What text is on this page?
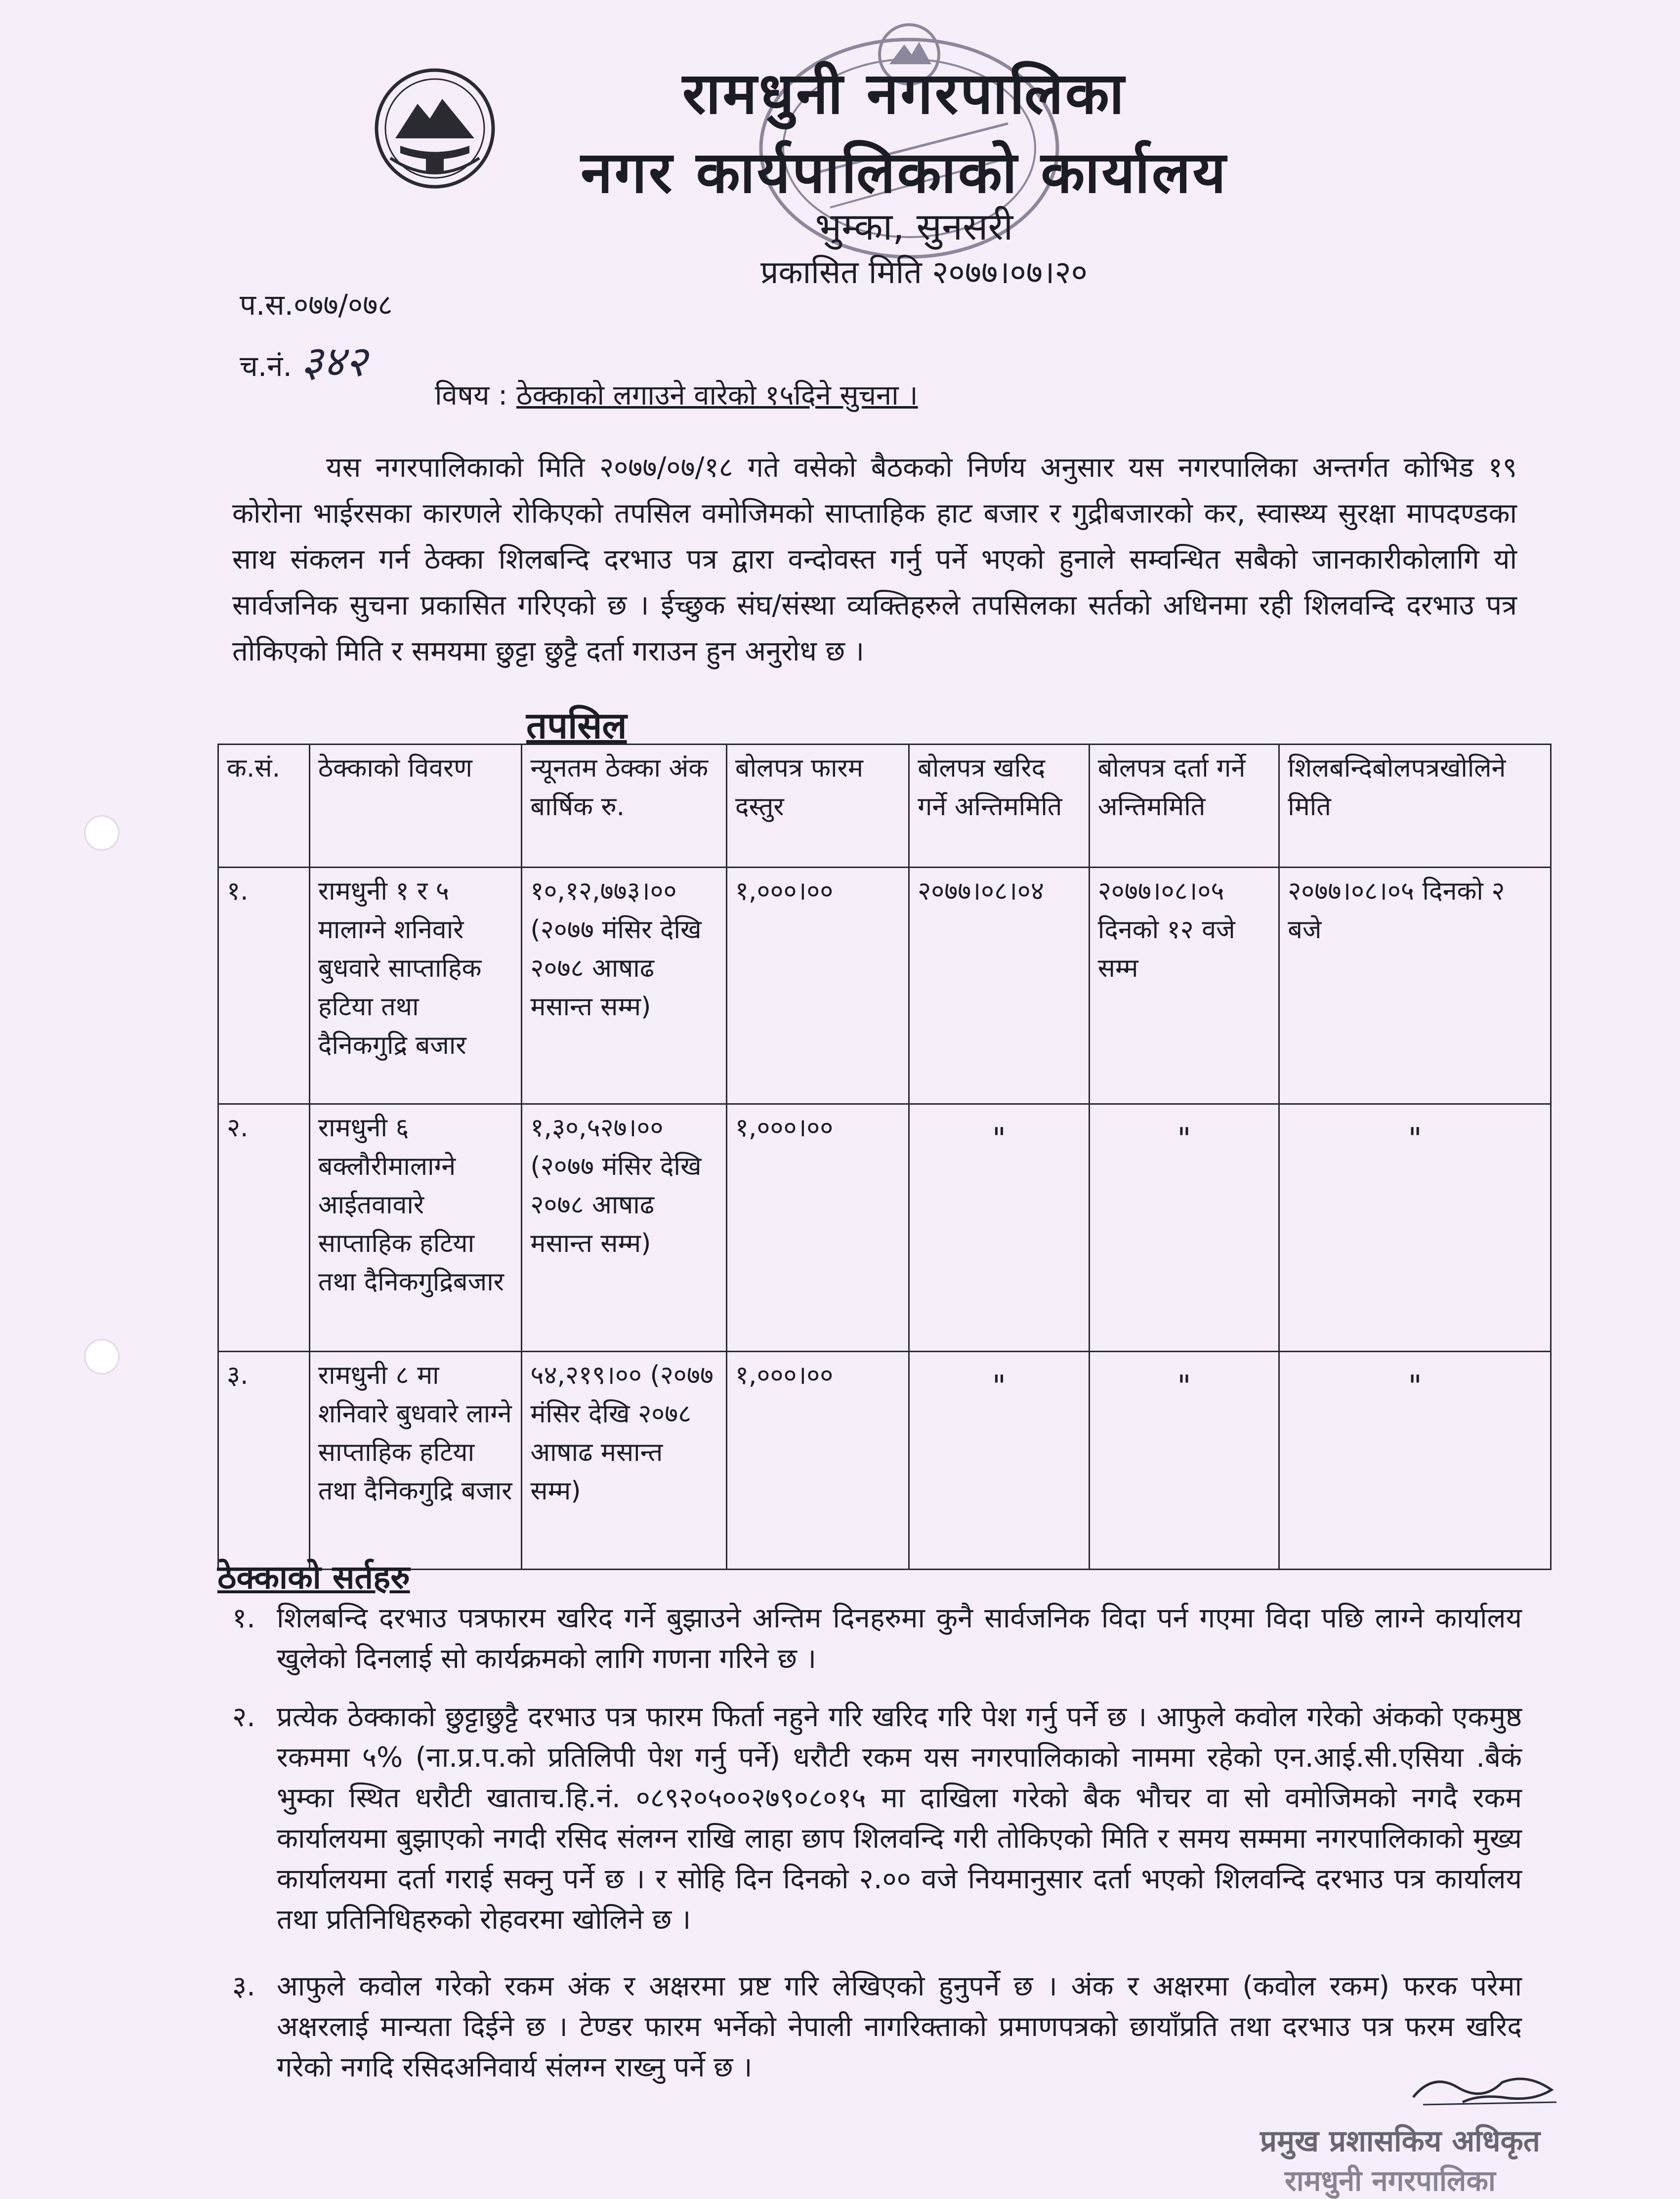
रामधुनी नगरपालिका
नगर कार्यपालिकाको कार्यालय
भुम्का, सुनसरी
प्रकासित मिति २०७७।०७।२०
प.स.०७७/०७८
च.नं. ३४२
विषय : ठेक्काको लगाउने वारेको १५दिने सुचना ।

यस नगरपालिकाको मिति २०७७/०७/१८ गते वसेको बैठकको निर्णय अनुसार यस नगरपालिका अन्तर्गत कोभिड १९ कोरोना भाईरसका कारणले रोकिएको तपसिल वमोजिमको साप्ताहिक हाट बजार र गुद्रीबजारको कर, स्वास्थ्य सुरक्षा मापदण्डका साथ संकलन गर्न ठेक्का शिलबन्दि दरभाउ पत्र द्वारा वन्दोवस्त गर्नु पर्ने भएको हुनाले सम्वन्धित सबैको जानकारीकोलागि यो सार्वजनिक सुचना प्रकासित गरिएको छ । ईच्छुक संघ/संस्था व्यक्तिहरुले तपसिलका सर्तको अधिनमा रही शिलवन्दि दरभाउ पत्र तोकिएको मिति र समयमा छुट्टा छुट्टै दर्ता गराउन हुन अनुरोध छ ।

तपसिल
क.सं.	ठेक्काको विवरण	न्यूनतम ठेक्का अंक बार्षिक रु.	बोलपत्र फारम दस्तुर	बोलपत्र खरिद गर्ने अन्तिममिति	बोलपत्र दर्ता गर्ने अन्तिममिति	शिलबन्दिबोलपत्रखोलिने मिति
१.	रामधुनी १ र ५ मालाग्ने शनिवारे बुधवारे साप्ताहिक हटिया तथा दैनिकगुद्रि बजार	१०,१२,७७३।०० (२०७७ मंसिर देखि २०७८ आषाढ मसान्त सम्म)	१,०००।००	२०७७।०८।०४	२०७७।०८।०५ दिनको १२ वजे सम्म	२०७७।०८।०५ दिनको २ बजे
२.	रामधुनी ६ बक्लौरीमालाग्ने आईतवावारे साप्ताहिक हटिया तथा दैनिकगुद्रिबजार	१,३०,५२७।०० (२०७७ मंसिर देखि २०७८ आषाढ मसान्त सम्म)	१,०००।००	"	"	"
३.	रामधुनी ८ मा शनिवारे बुधवारे लाग्ने साप्ताहिक हटिया तथा दैनिकगुद्रि बजार	५४,२१९।०० (२०७७ मंसिर देखि २०७८ आषाढ मसान्त सम्म)	१,०००।००	"	"	"
ठेक्काको सर्तहरु

१. शिलबन्दि दरभाउ पत्रफारम खरिद गर्ने बुझाउने अन्तिम दिनहरुमा कुनै सार्वजनिक विदा पर्न गएमा विदा पछि लाग्ने कार्यालय खुलेको दिनलाई सो कार्यक्रमको लागि गणना गरिने छ ।

२. प्रत्येक ठेक्काको छुट्टाछुट्टै दरभाउ पत्र फारम फिर्ता नहुने गरि खरिद गरि पेश गर्नु पर्ने छ । आफुले कवोल गरेको अंकको एकमुष्ठ रकममा ५% (ना.प्र.प.को प्रतिलिपी पेश गर्नु पर्ने) धरौटी रकम यस नगरपालिकाको नाममा रहेको एन.आई.सी.एसिया .बैकं भुम्का स्थित धरौटी खाताच.हि.नं. ०८९२०५००२७९०८०१५ मा दाखिला गरेको बैक भौचर वा सो वमोजिमको नगदै रकम कार्यालयमा बुझाएको नगदी रसिद संलग्न राखि लाहा छाप शिलवन्दि गरी तोकिएको मिति र समय सम्ममा नगरपालिकाको मुख्य कार्यालयमा दर्ता गराई सक्नु पर्ने छ । र सोहि दिन दिनको २.०० वजे नियमानुसार दर्ता भएको शिलवन्दि दरभाउ पत्र कार्यालय तथा प्रतिनिधिहरुको रोहवरमा खोलिने छ ।

३. आफुले कवोल गरेको रकम अंक र अक्षरमा प्रष्ट गरि लेखिएको हुनुपर्ने छ । अंक र अक्षरमा (कवोल रकम) फरक परेमा अक्षरलाई मान्यता दिईने छ । टेण्डर फारम भर्नेको नेपाली नागरिक्ताको प्रमाणपत्रको छायाँप्रति तथा दरभाउ पत्र फरम खरिद गरेको नगदि रसिदअनिवार्य संलग्न राख्नु पर्ने छ ।

प्रमुख प्रशासकिय अधिकृत
रामधुनी नगरपालिका
